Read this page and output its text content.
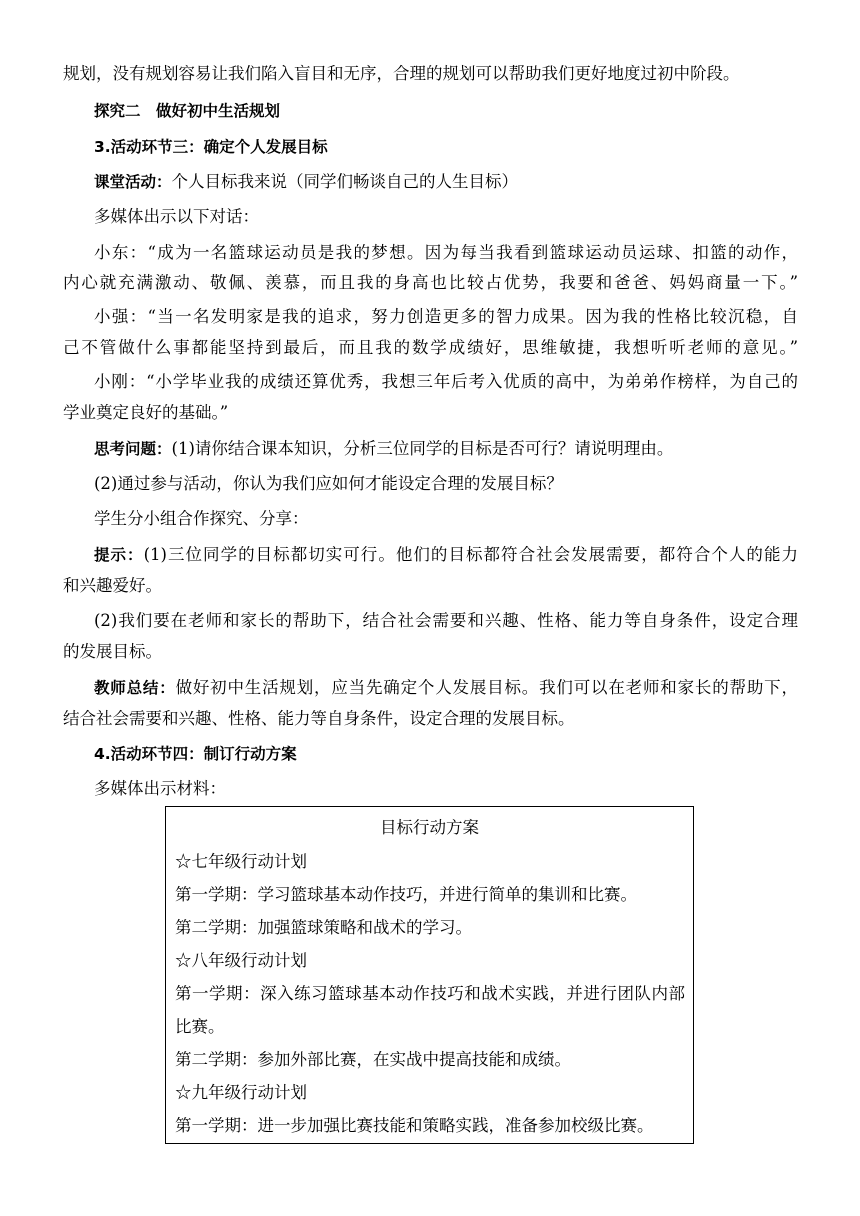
规划，没有规划容易让我们陷入盲目和无序，合理的规划可以帮助我们更好地度过初中阶段。
探究二　做好初中生活规划
3.活动环节三：确定个人发展目标
课堂活动：个人目标我来说（同学们畅谈自己的人生目标）
多媒体出示以下对话：
小东：“成为一名篮球运动员是我的梦想。因为每当我看到篮球运动员运球、扣篮的动作，
内心就充满激动、敬佩、羡慕，而且我的身高也比较占优势，我要和爸爸、妈妈商量一下。”
小强：“当一名发明家是我的追求，努力创造更多的智力成果。因为我的性格比较沉稳，自
己不管做什么事都能坚持到最后，而且我的数学成绩好，思维敏捷，我想听听老师的意见。”
小刚：“小学毕业我的成绩还算优秀，我想三年后考入优质的高中，为弟弟作榜样，为自己的
学业奠定良好的基础。”
思考问题：(1)请你结合课本知识，分析三位同学的目标是否可行？请说明理由。
(2)通过参与活动，你认为我们应如何才能设定合理的发展目标？
学生分小组合作探究、分享：
提示：(1)三位同学的目标都切实可行。他们的目标都符合社会发展需要，都符合个人的能力
和兴趣爱好。
(2)我们要在老师和家长的帮助下，结合社会需要和兴趣、性格、能力等自身条件，设定合理
的发展目标。
教师总结：做好初中生活规划，应当先确定个人发展目标。我们可以在老师和家长的帮助下，
结合社会需要和兴趣、性格、能力等自身条件，设定合理的发展目标。
4.活动环节四：制订行动方案
多媒体出示材料：
目标行动方案
☆七年级行动计划
第一学期：学习篮球基本动作技巧，并进行简单的集训和比赛。
第二学期：加强篮球策略和战术的学习。
☆八年级行动计划
第一学期：深入练习篮球基本动作技巧和战术实践，并进行团队内部
比赛。
第二学期：参加外部比赛，在实战中提高技能和成绩。
☆九年级行动计划
第一学期：进一步加强比赛技能和策略实践，准备参加校级比赛。
